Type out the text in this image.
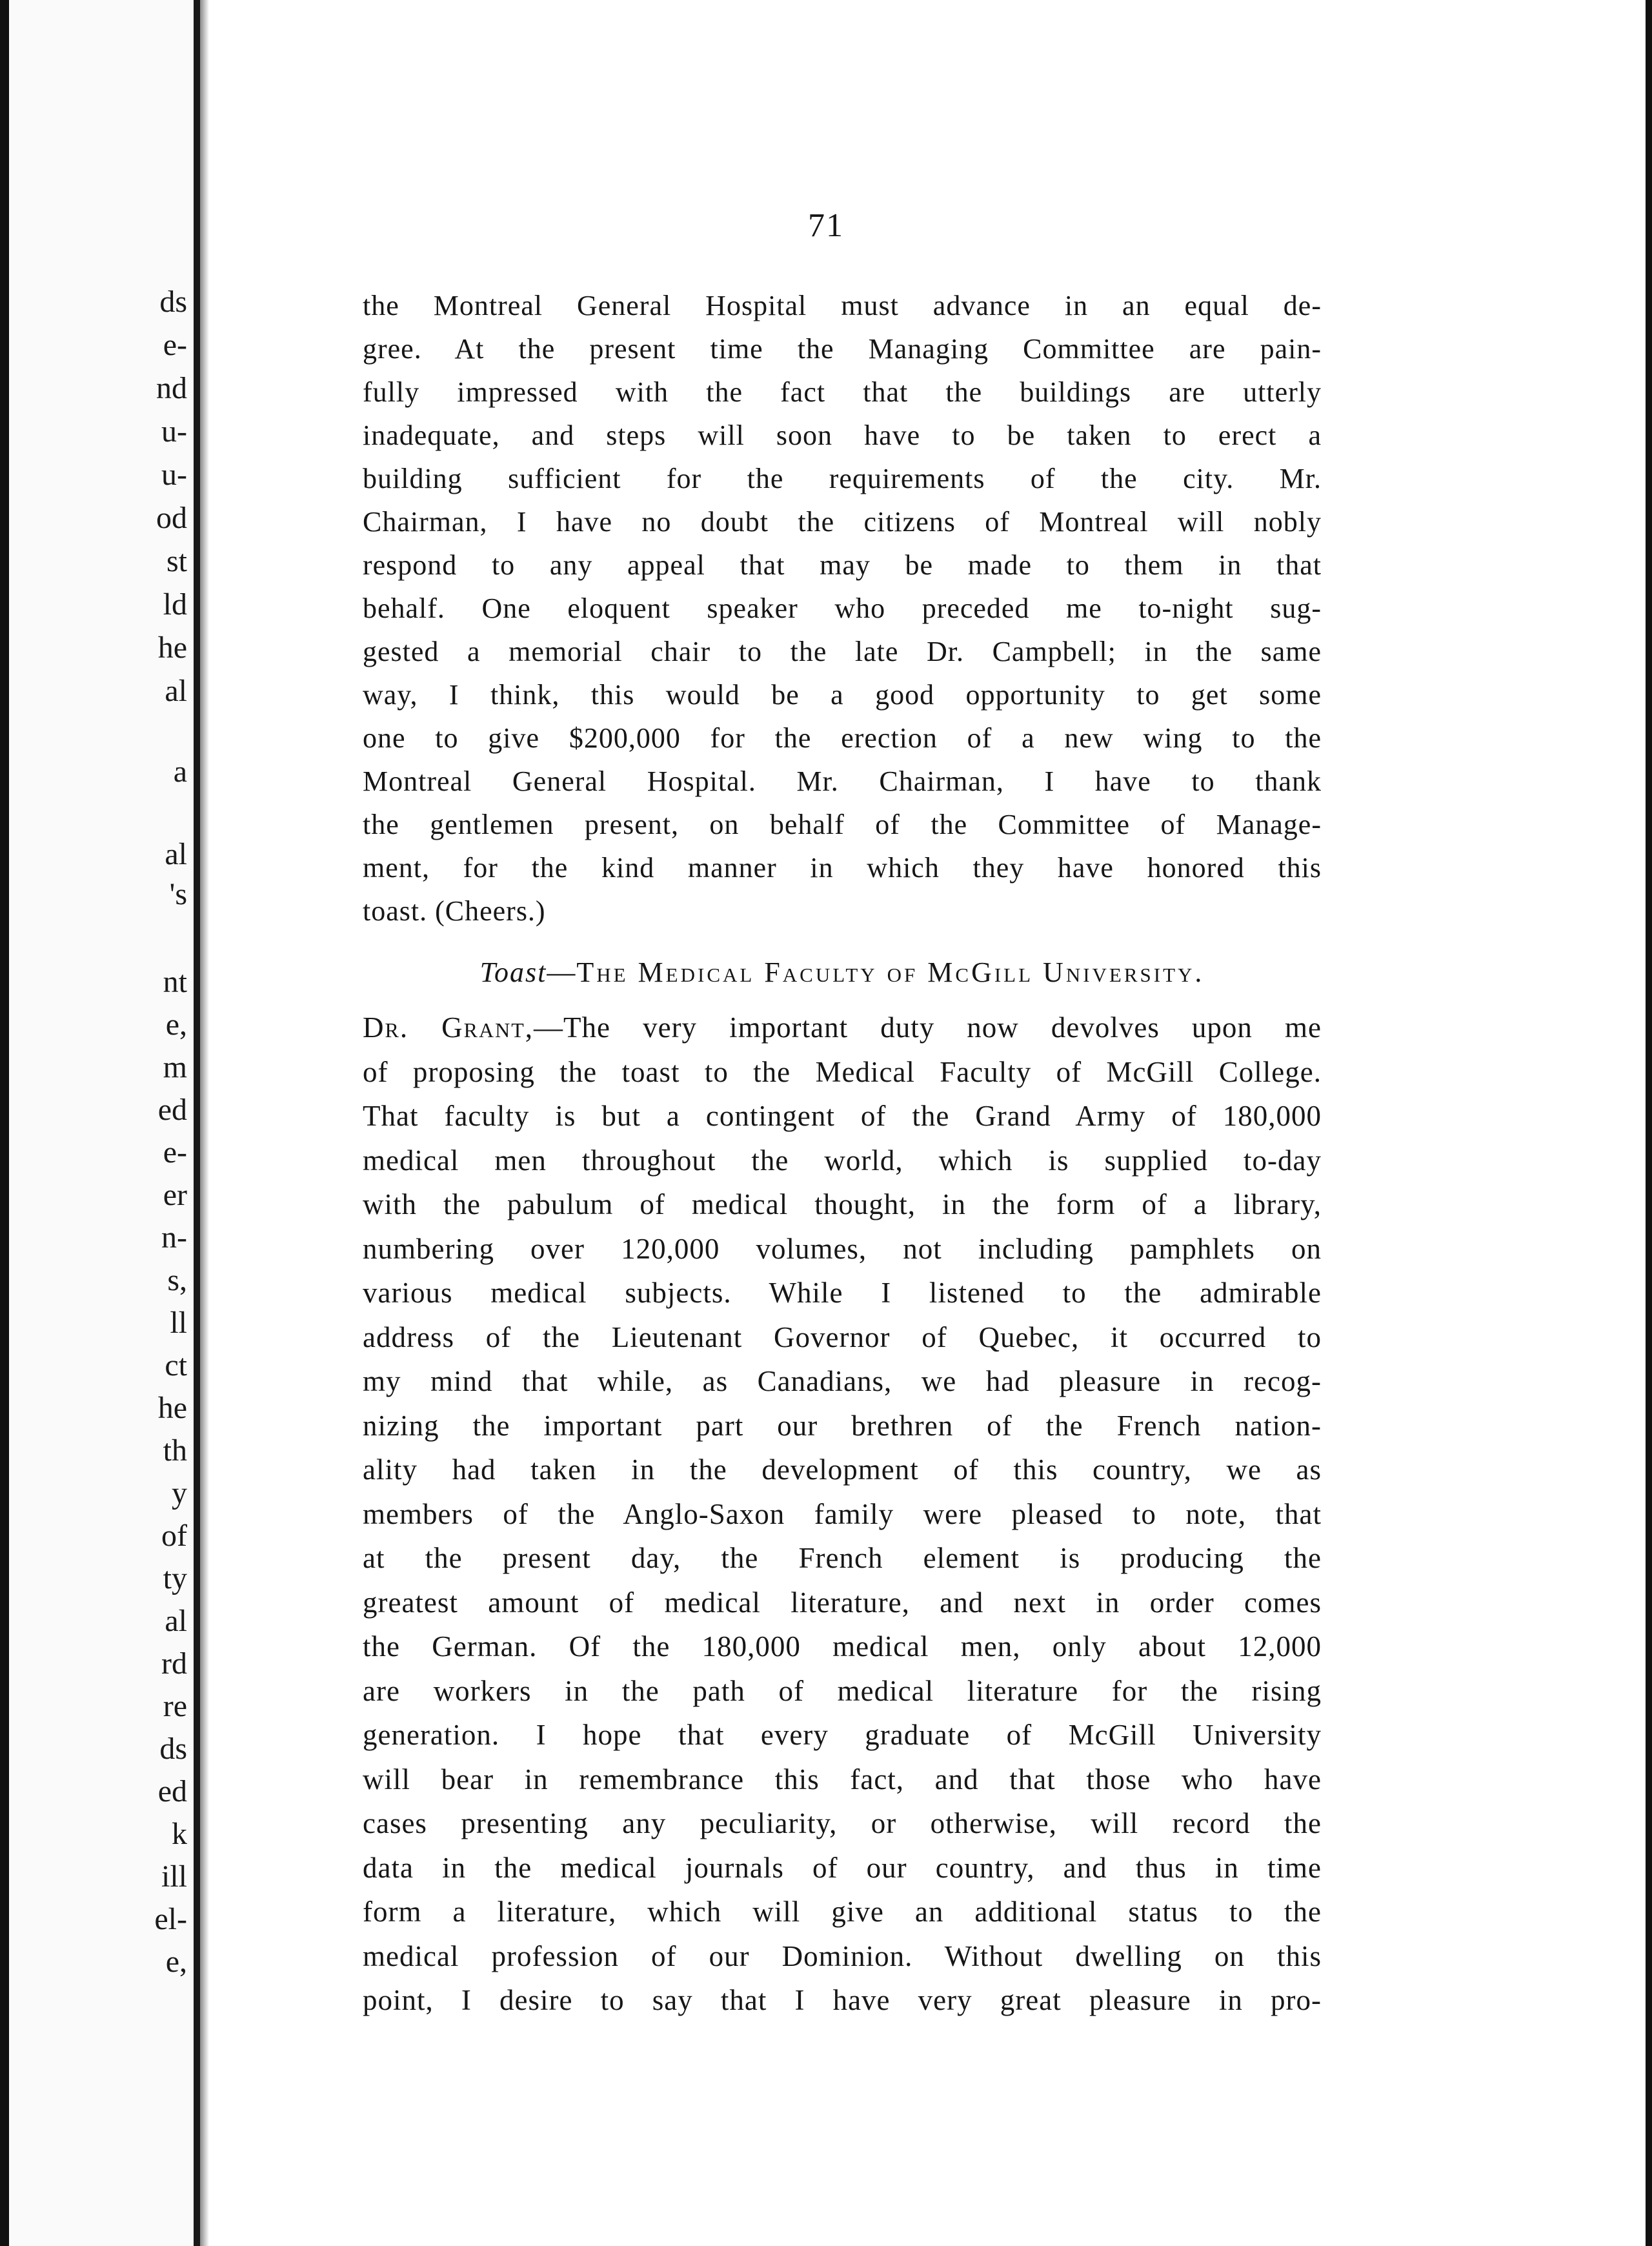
ds
e-
nd
u-
u-
od
st
ld
he
al
a
al
's
nt
e,
m
ed
e-
er
n-
s,
ll
ct
he
th
y
of
ty
al
rd
re
ds
ed
k
ill
el-
e,
71
the Montreal General Hospital must advance in an equal de-
gree. At the present time the Managing Committee are pain-
fully impressed with the fact that the buildings are utterly
inadequate, and steps will soon have to be taken to erect a
building sufficient for the requirements of the city. Mr.
Chairman, I have no doubt the citizens of Montreal will nobly
respond to any appeal that may be made to them in that
behalf. One eloquent speaker who preceded me to-night sug-
gested a memorial chair to the late Dr. Campbell; in the same
way, I think, this would be a good opportunity to get some
one to give $200,000 for the erection of a new wing to the
Montreal General Hospital. Mr. Chairman, I have to thank
the gentlemen present, on behalf of the Committee of Manage-
ment, for the kind manner in which they have honored this
toast. (Cheers.)
Toast—The Medical Faculty of McGill University.
Dr. Grant,—The very important duty now devolves upon me
of proposing the toast to the Medical Faculty of McGill College.
That faculty is but a contingent of the Grand Army of 180,000
medical men throughout the world, which is supplied to-day
with the pabulum of medical thought, in the form of a library,
numbering over 120,000 volumes, not including pamphlets on
various medical subjects. While I listened to the admirable
address of the Lieutenant Governor of Quebec, it occurred to
my mind that while, as Canadians, we had pleasure in recog-
nizing the important part our brethren of the French nation-
ality had taken in the development of this country, we as
members of the Anglo-Saxon family were pleased to note, that
at the present day, the French element is producing the
greatest amount of medical literature, and next in order comes
the German. Of the 180,000 medical men, only about 12,000
are workers in the path of medical literature for the rising
generation. I hope that every graduate of McGill University
will bear in remembrance this fact, and that those who have
cases presenting any peculiarity, or otherwise, will record the
data in the medical journals of our country, and thus in time
form a literature, which will give an additional status to the
medical profession of our Dominion. Without dwelling on this
point, I desire to say that I have very great pleasure in pro-
